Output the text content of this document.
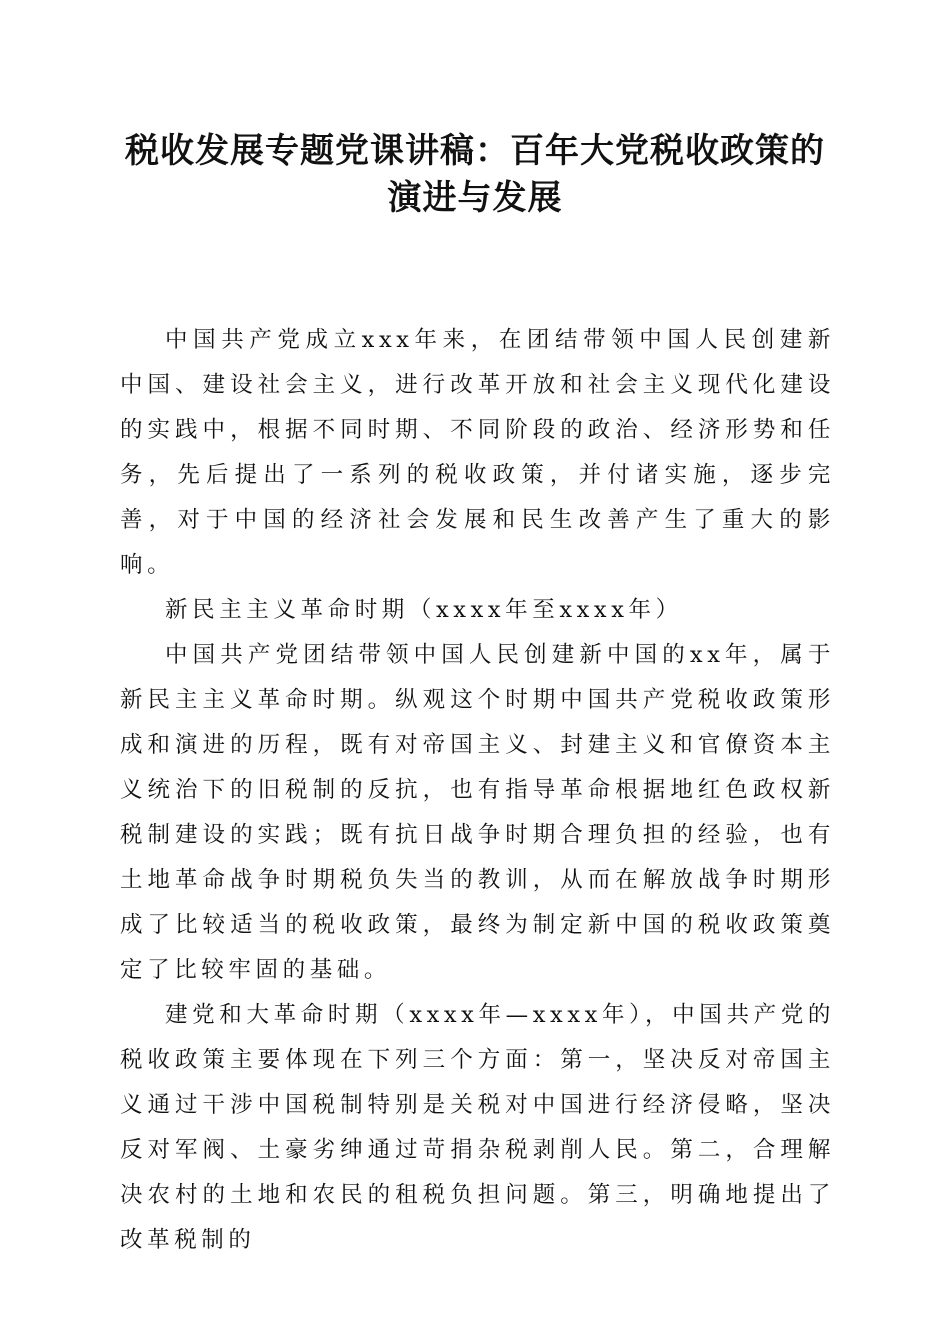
税收发展专题党课讲稿：百年大党税收政策的
演进与发展

中国共产党成立xxx年来，在团结带领中国人民创建新中国、建设社会主义，进行改革开放和社会主义现代化建设的实践中，根据不同时期、不同阶段的政治、经济形势和任务，先后提出了一系列的税收政策，并付诸实施，逐步完善，对于中国的经济社会发展和民生改善产生了重大的影响。

新民主主义革命时期（xxxx年至xxxx年）

中国共产党团结带领中国人民创建新中国的xx年，属于新民主主义革命时期。纵观这个时期中国共产党税收政策形成和演进的历程，既有对帝国主义、封建主义和官僚资本主义统治下的旧税制的反抗，也有指导革命根据地红色政权新税制建设的实践；既有抗日战争时期合理负担的经验，也有土地革命战争时期税负失当的教训，从而在解放战争时期形成了比较适当的税收政策，最终为制定新中国的税收政策奠定了比较牢固的基础。

建党和大革命时期（xxxx年—xxxx年），中国共产党的税收政策主要体现在下列三个方面：第一，坚决反对帝国主义通过干涉中国税制特别是关税对中国进行经济侵略，坚决反对军阀、土豪劣绅通过苛捐杂税剥削人民。第二，合理解决农村的土地和农民的租税负担问题。第三，明确地提出了改革税制的
